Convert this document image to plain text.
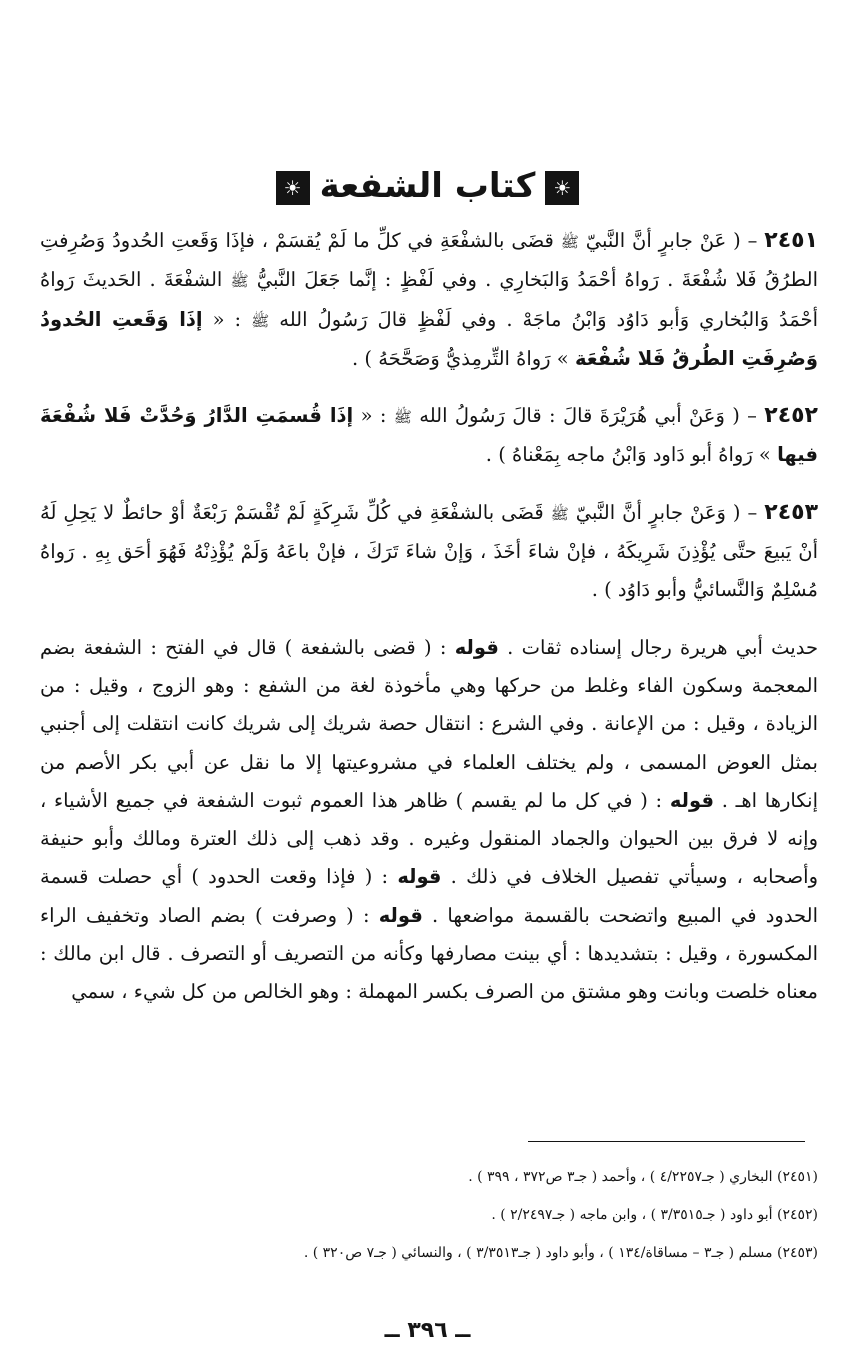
☀كتاب الشفعة☀

٢٤٥١ – ( عَنْ جابرٍ أنَّ النَّبيّ ﷺ قضَى بالشفْعَةِ في كلِّ ما لَمْ يُقسَمْ ، فإذَا وَقَعتِ الحُدودُ وَصُرِفتِ الطرُقُ فَلا شُفْعَةَ . رَواهُ أحْمَدُ وَالبَخارِي . وفي لَفْظٍ : إنَّما جَعَلَ النَّبيُّ ﷺ الشفْعَةَ . الحَديثَ رَواهُ أحْمَدُ وَالبُخاري وَأبو دَاوُد وَابْنُ ماجَهْ . وفي لَفْظٍ قالَ رَسُولُ الله ﷺ : « إذَا وَقَعتِ الحُدودُ وَصُرِفَتِ الطُرقُ فَلا شُفْعَة » رَواهُ التِّرمِذيُّ وَصَحَّحَهُ ) .

٢٤٥٢ – ( وَعَنْ أبي هُرَيْرَةَ قالَ : قالَ رَسُولُ الله ﷺ : « إذَا قُسمَتِ الدَّارُ وَحُدَّتْ فَلا شُفْعَةَ فيها » رَواهُ أبو دَاود وَابْنُ ماجه بِمَعْناهُ ) .

٢٤٥٣ – ( وَعَنْ جابرٍ أنَّ النَّبيّ ﷺ قَضَى بالشفْعَةِ في كُلِّ شَرِكَةٍ لَمْ تُقْسَمْ رَبْعَةٌ أوْ حائطٌ لا يَحِلِ لَهُ أنْ يَبيعَ حتَّى يُؤْذِنَ شَرِيكَهُ ، فإنْ شاءَ أخَذَ ، وَإنْ شاءَ تَرَكَ ، فإنْ باعَهُ وَلَمْ يُؤْذِنْهُ فَهُوَ أحَق بِهِ . رَواهُ مُسْلِمٌ وَالنَّسائيُّ وأبو دَاوُد ) .

حديث أبي هريرة رجال إسناده ثقات . قوله : ( قضى بالشفعة ) قال في الفتح : الشفعة بضم المعجمة وسكون الفاء وغلط من حركها وهي مأخوذة لغة من الشفع : وهو الزوج ، وقيل : من الزيادة ، وقيل : من الإعانة . وفي الشرع : انتقال حصة شريك إلى شريك كانت انتقلت إلى أجنبي بمثل العوض المسمى ، ولم يختلف العلماء في مشروعيتها إلا ما نقل عن أبي بكر الأصم من إنكارها اهـ . قوله : ( في كل ما لم يقسم ) ظاهر هذا العموم ثبوت الشفعة في جميع الأشياء ، وإنه لا فرق بين الحيوان والجماد المنقول وغيره . وقد ذهب إلى ذلك العترة ومالك وأبو حنيفة وأصحابه ، وسيأتي تفصيل الخلاف في ذلك . قوله : ( فإذا وقعت الحدود ) أي حصلت قسمة الحدود في المبيع واتضحت بالقسمة مواضعها . قوله : ( وصرفت ) بضم الصاد وتخفيف الراء المكسورة ، وقيل : بتشديدها : أي بينت مصارفها وكأنه من التصريف أو التصرف . قال ابن مالك : معناه خلصت وبانت وهو مشتق من الصرف بكسر المهملة : وهو الخالص من كل شيء ، سمي

(٢٤٥١) البخاري ( جـ٤/٢٢٥٧ ) ، وأحمد ( جـ٣ ص٣٧٢ ، ٣٩٩ ) .

(٢٤٥٢) أبو داود ( جـ٣/٣٥١٥ ) ، وابن ماجه ( جـ٢/٢٤٩٧ ) .

(٢٤٥٣) مسلم ( جـ٣ – مساقاة/١٣٤ ) ، وأبو داود ( جـ٣/٣٥١٣ ) ، والنسائي ( جـ٧ ص٣٢٠ ) .

ــ ٣٩٦ ــ
